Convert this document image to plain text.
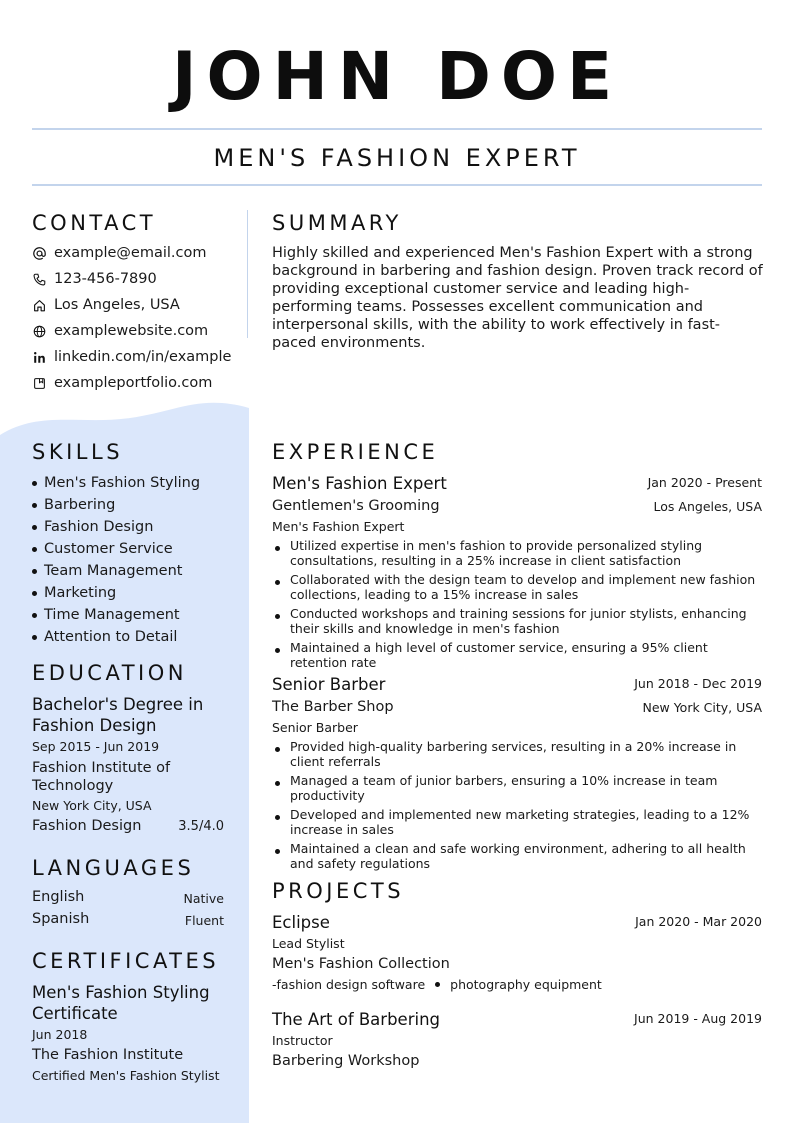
JOHN DOE
MEN'S FASHION EXPERT
CONTACT
example@email.com
123-456-7890
Los Angeles, USA
examplewebsite.com
linkedin.com/in/example
exampleportfolio.com
SKILLS
Men's Fashion Styling
Barbering
Fashion Design
Customer Service
Team Management
Marketing
Time Management
Attention to Detail
EDUCATION
Bachelor's Degree in Fashion Design
Sep 2015 - Jun 2019
Fashion Institute of Technology
New York City, USA
Fashion Design	3.5/4.0
LANGUAGES
English	Native
Spanish	Fluent
CERTIFICATES
Men's Fashion Styling Certificate
Jun 2018
The Fashion Institute
Certified Men's Fashion Stylist
SUMMARY
Highly skilled and experienced Men's Fashion Expert with a strong background in barbering and fashion design. Proven track record of providing exceptional customer service and leading high-performing teams. Possesses excellent communication and interpersonal skills, with the ability to work effectively in fast-paced environments.
EXPERIENCE
Men's Fashion Expert	Jan 2020 - Present
Gentlemen's Grooming	Los Angeles, USA
Men's Fashion Expert
Utilized expertise in men's fashion to provide personalized styling consultations, resulting in a 25% increase in client satisfaction
Collaborated with the design team to develop and implement new fashion collections, leading to a 15% increase in sales
Conducted workshops and training sessions for junior stylists, enhancing their skills and knowledge in men's fashion
Maintained a high level of customer service, ensuring a 95% client retention rate
Senior Barber	Jun 2018 - Dec 2019
The Barber Shop	New York City, USA
Senior Barber
Provided high-quality barbering services, resulting in a 20% increase in client referrals
Managed a team of junior barbers, ensuring a 10% increase in team productivity
Developed and implemented new marketing strategies, leading to a 12% increase in sales
Maintained a clean and safe working environment, adhering to all health and safety regulations
PROJECTS
Eclipse	Jan 2020 - Mar 2020
Lead Stylist
Men's Fashion Collection
-fashion design software photography equipment
The Art of Barbering	Jun 2019 - Aug 2019
Instructor
Barbering Workshop
